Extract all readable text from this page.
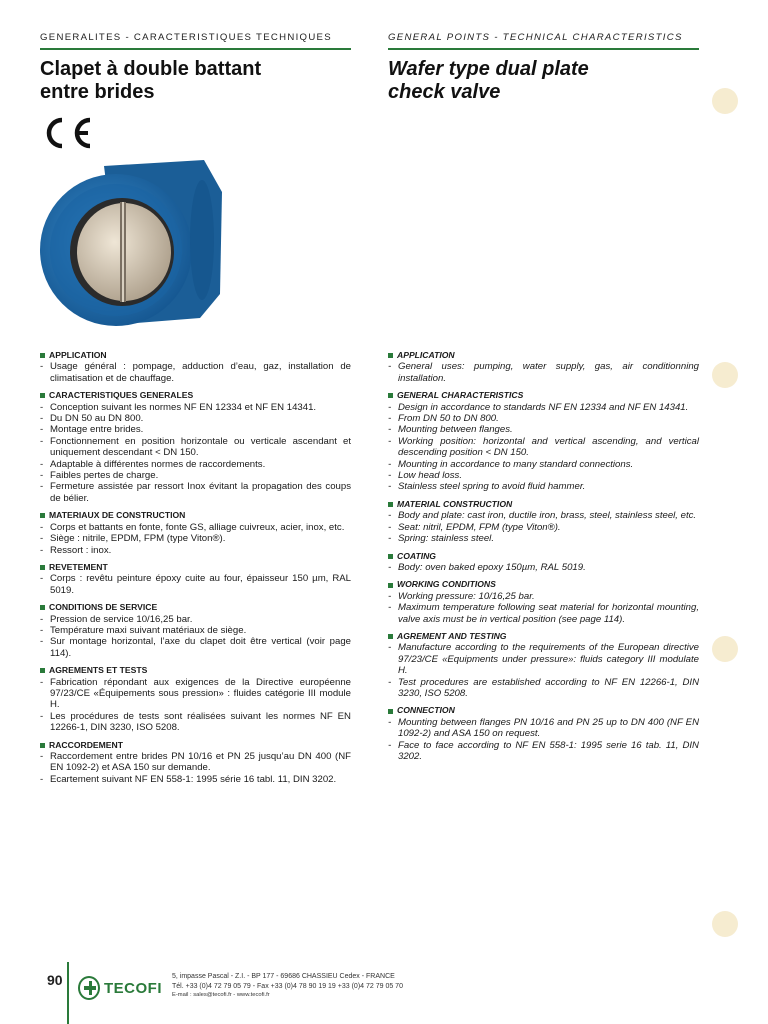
GENERALITES - CARACTERISTIQUES TECHNIQUES	GENERAL POINTS - TECHNICAL CHARACTERISTICS
Clapet à double battant
entre brides
Wafer type dual plate
check valve
APPLICATION
- Usage général : pompage, adduction d’eau, gaz, installation de climatisation et de chauffage.
CARACTERISTIQUES GENERALES
- Conception suivant les normes NF EN 12334 et NF EN 14341.
- Du DN 50 au DN 800.
- Montage entre brides.
- Fonctionnement en position horizontale ou verticale ascendant et uniquement descendant < DN 150.
- Adaptable à différentes normes de raccordements.
- Faibles pertes de charge.
- Fermeture assistée par ressort Inox évitant la propagation des coups de bélier.
MATERIAUX DE CONSTRUCTION
- Corps et battants en fonte, fonte GS, alliage cuivreux, acier, inox, etc.
- Siège : nitrile, EPDM, FPM (type Viton®).
- Ressort : inox.
REVETEMENT
- Corps : revêtu peinture époxy cuite au four, épaisseur 150 µm, RAL 5019.
CONDITIONS DE SERVICE
- Pression de service 10/16,25 bar.
- Température maxi suivant matériaux de siège.
- Sur montage horizontal, l’axe du clapet doit être vertical (voir page 114).
AGREMENTS ET TESTS
- Fabrication répondant aux exigences de la Directive européenne 97/23/CE «Équipements sous pression» : fluides catégorie III module H.
- Les procédures de tests sont réalisées suivant les normes NF EN 12266-1, DIN 3230, ISO 5208.
RACCORDEMENT
- Raccordement entre brides PN 10/16 et PN 25 jusqu’au DN 400 (NF EN 1092-2) et ASA 150 sur demande.
- Ecartement suivant NF EN 558-1: 1995 série 16 tabl. 11, DIN 3202.
APPLICATION
- General uses: pumping, water supply, gas, air conditionning installation.
GENERAL CHARACTERISTICS
- Design in accordance to standards NF EN 12334 and NF EN 14341.
- From DN 50 to DN 800.
- Mounting between flanges.
- Working position: horizontal and vertical ascending, and vertical descending position < DN 150.
- Mounting in accordance to many standard connections.
- Low head loss.
- Stainless steel spring to avoid fluid hammer.
MATERIAL CONSTRUCTION
- Body and plate: cast iron, ductile iron, brass, steel, stainless steel, etc.
- Seat: nitril, EPDM, FPM (type Viton®).
- Spring: stainless steel.
COATING
- Body: oven baked epoxy 150µm, RAL 5019.
WORKING CONDITIONS
- Working pressure: 10/16,25 bar.
- Maximum temperature following seat material for horizontal mounting, valve axis must be in vertical position (see page 114).
AGREMENT AND TESTING
- Manufacture according to the requirements of the European directive 97/23/CE «Equipments under pressure»: fluids category III modulate H.
- Test procedures are established according to NF EN 12266-1, DIN 3230, ISO 5208.
CONNECTION
- Mounting between flanges PN 10/16 and PN 25 up to DN 400 (NF EN 1092-2) and ASA 150 on request.
- Face to face according to NF EN 558-1: 1995 serie 16 tab. 11, DIN 3202.
90	TECOFI
5, impasse Pascal - Z.I. - BP 177 - 69686 CHASSIEU Cedex - FRANCE
Tél. +33 (0)4 72 79 05 79 - Fax +33 (0)4 78 90 19 19 +33 (0)4 72 79 05 70
E-mail : sales@tecofi.fr - www.tecofi.fr
